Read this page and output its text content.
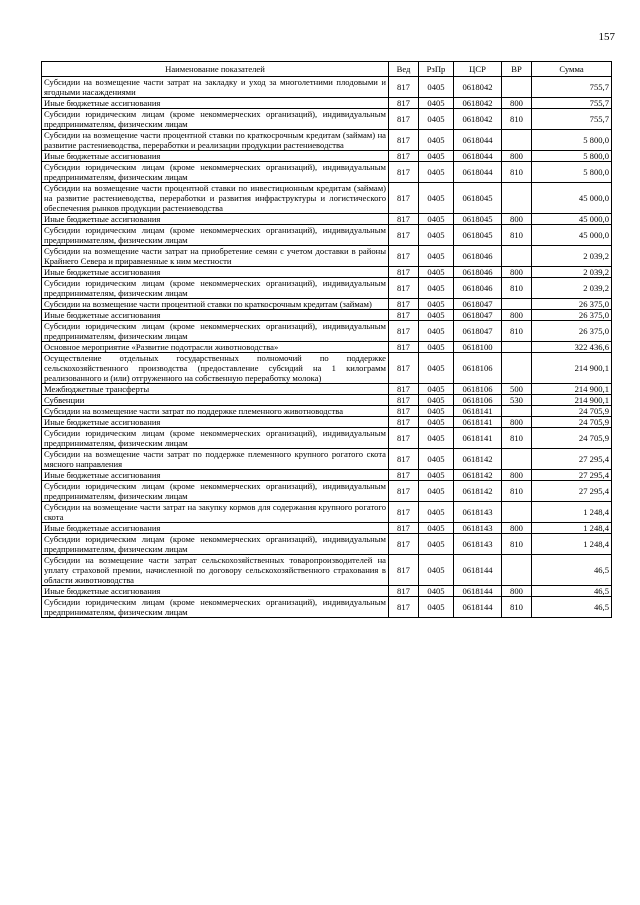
157
Наименование показателей	Вед	РзПр	ЦСР	ВР	Сумма
Субсидии на возмещение части затрат на закладку и уход за многолетними плодовыми и ягодными насаждениями	817	0405	0618042		755,7
Иные бюджетные ассигнования	817	0405	0618042	800	755,7
Субсидии юридическим лицам (кроме некоммерческих организаций), индивидуальным предпринимателям, физическим лицам	817	0405	0618042	810	755,7
Субсидии на возмещение части процентной ставки по краткосрочным кредитам (займам) на развитие растениеводства, переработки и реализации продукции растениеводства	817	0405	0618044		5 800,0
Иные бюджетные ассигнования	817	0405	0618044	800	5 800,0
Субсидии юридическим лицам (кроме некоммерческих организаций), индивидуальным предпринимателям, физическим лицам	817	0405	0618044	810	5 800,0
Субсидии на возмещение части процентной ставки по инвестиционным кредитам (займам) на развитие растениеводства, переработки и развития инфраструктуры и логистического обеспечения рынков продукции растениеводства	817	0405	0618045		45 000,0
Иные бюджетные ассигнования	817	0405	0618045	800	45 000,0
Субсидии юридическим лицам (кроме некоммерческих организаций), индивидуальным предпринимателям, физическим лицам	817	0405	0618045	810	45 000,0
Субсидии на возмещение части затрат на приобретение семян с учетом доставки в районы Крайнего Севера и приравненные к ним местности	817	0405	0618046		2 039,2
Иные бюджетные ассигнования	817	0405	0618046	800	2 039,2
Субсидии юридическим лицам (кроме некоммерческих организаций), индивидуальным предпринимателям, физическим лицам	817	0405	0618046	810	2 039,2
Субсидии на возмещение части процентной ставки по краткосрочным кредитам (займам)	817	0405	0618047		26 375,0
Иные бюджетные ассигнования	817	0405	0618047	800	26 375,0
Субсидии юридическим лицам (кроме некоммерческих организаций), индивидуальным предпринимателям, физическим лицам	817	0405	0618047	810	26 375,0
Основное мероприятие «Развитие подотрасли животноводства»	817	0405	0618100		322 436,6
Осуществление отдельных государственных полномочий по поддержке сельскохозяйственного производства (предоставление субсидий на 1 килограмм реализованного и (или) отгруженного на собственную переработку молока)	817	0405	0618106		214 900,1
Межбюджетные трансферты	817	0405	0618106	500	214 900,1
Субвенции	817	0405	0618106	530	214 900,1
Субсидии на возмещение части затрат по поддержке племенного животноводства	817	0405	0618141		24 705,9
Иные бюджетные ассигнования	817	0405	0618141	800	24 705,9
Субсидии юридическим лицам (кроме некоммерческих организаций), индивидуальным предпринимателям, физическим лицам	817	0405	0618141	810	24 705,9
Субсидии на возмещение части затрат по поддержке племенного крупного рогатого скота мясного направления	817	0405	0618142		27 295,4
Иные бюджетные ассигнования	817	0405	0618142	800	27 295,4
Субсидии юридическим лицам (кроме некоммерческих организаций), индивидуальным предпринимателям, физическим лицам	817	0405	0618142	810	27 295,4
Субсидии на возмещение части затрат на закупку кормов для содержания крупного рогатого скота	817	0405	0618143		1 248,4
Иные бюджетные ассигнования	817	0405	0618143	800	1 248,4
Субсидии юридическим лицам (кроме некоммерческих организаций), индивидуальным предпринимателям, физическим лицам	817	0405	0618143	810	1 248,4
Субсидии на возмещение части затрат сельскохозяйственных товаропроизводителей на уплату страховой премии, начисленной по договору сельскохозяйственного страхования в области животноводства	817	0405	0618144		46,5
Иные бюджетные ассигнования	817	0405	0618144	800	46,5
Субсидии юридическим лицам (кроме некоммерческих организаций), индивидуальным предпринимателям, физическим лицам	817	0405	0618144	810	46,5
